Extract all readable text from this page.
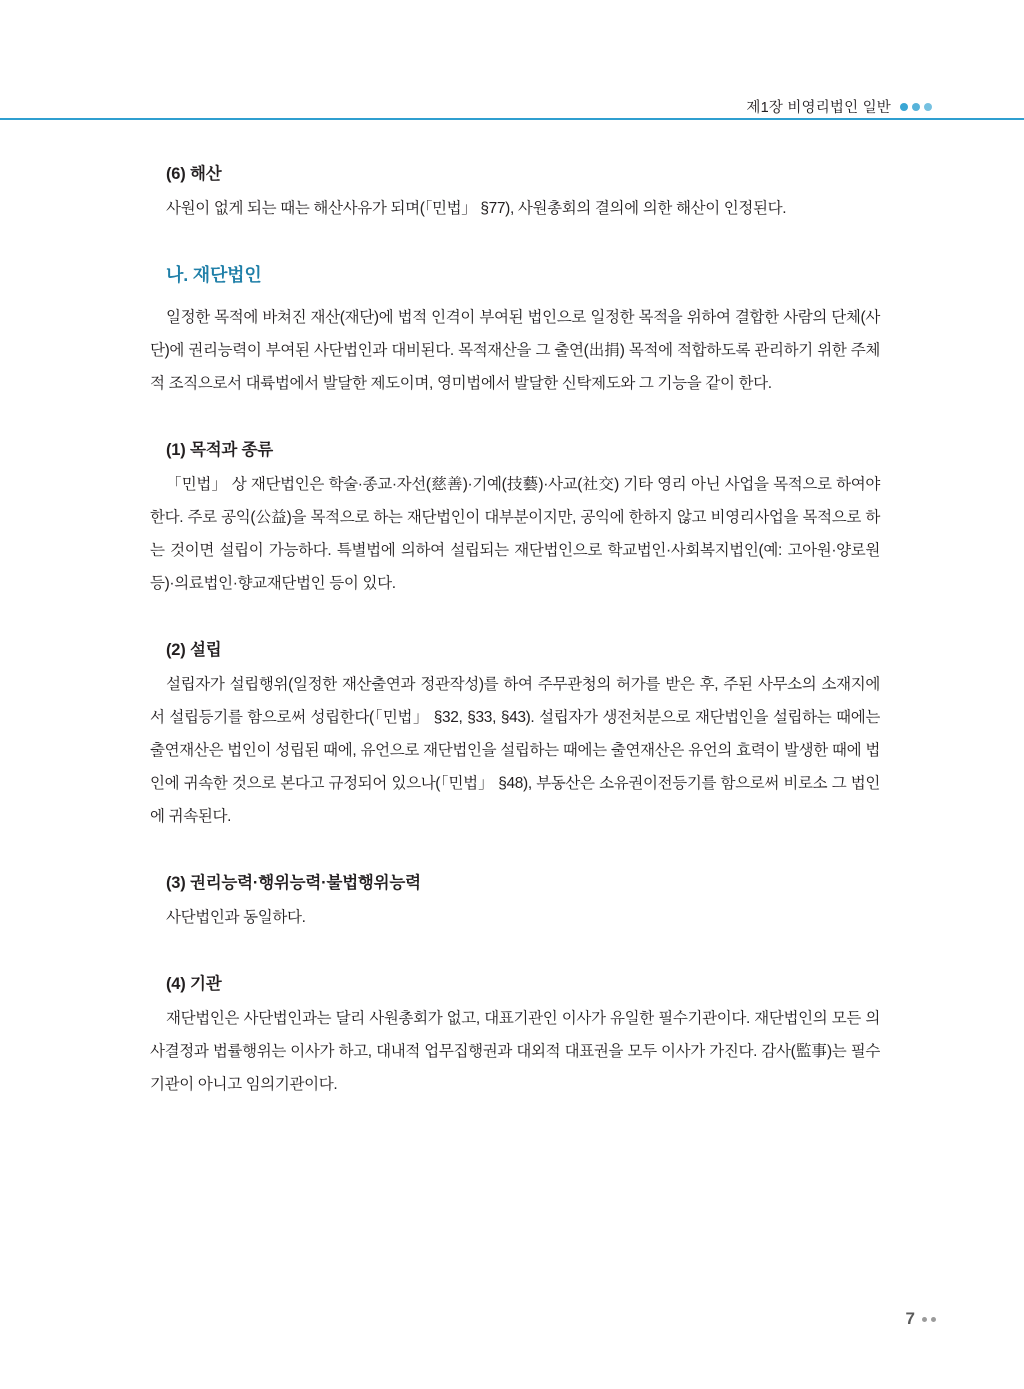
제1장 비영리법인 일반
(6) 해산

사원이 없게 되는 때는 해산사유가 되며(「민법」 §77), 사원총회의 결의에 의한 해산이 인정된다.

나. 재단법인

일정한 목적에 바쳐진 재산(재단)에 법적 인격이 부여된 법인으로 일정한 목적을 위하여 결합한 사람의 단체(사단)에 권리능력이 부여된 사단법인과 대비된다. 목적재산을 그 출연(出捐) 목적에 적합하도록 관리하기 위한 주체적 조직으로서 대륙법에서 발달한 제도이며, 영미법에서 발달한 신탁제도와 그 기능을 같이 한다.

(1) 목적과 종류

「민법」 상 재단법인은 학술·종교·자선(慈善)·기예(技藝)·사교(社交) 기타 영리 아닌 사업을 목적으로 하여야 한다. 주로 공익(公益)을 목적으로 하는 재단법인이 대부분이지만, 공익에 한하지 않고 비영리사업을 목적으로 하는 것이면 설립이 가능하다. 특별법에 의하여 설립되는 재단법인으로 학교법인·사회복지법인(예: 고아원·양로원 등)·의료법인·향교재단법인 등이 있다.

(2) 설립

설립자가 설립행위(일정한 재산출연과 정관작성)를 하여 주무관청의 허가를 받은 후, 주된 사무소의 소재지에서 설립등기를 함으로써 성립한다(「민법」 §32, §33, §43). 설립자가 생전처분으로 재단법인을 설립하는 때에는 출연재산은 법인이 성립된 때에, 유언으로 재단법인을 설립하는 때에는 출연재산은 유언의 효력이 발생한 때에 법인에 귀속한 것으로 본다고 규정되어 있으나(「민법」 §48), 부동산은 소유권이전등기를 함으로써 비로소 그 법인에 귀속된다.

(3) 권리능력·행위능력·불법행위능력

사단법인과 동일하다.

(4) 기관

재단법인은 사단법인과는 달리 사원총회가 없고, 대표기관인 이사가 유일한 필수기관이다. 재단법인의 모든 의사결정과 법률행위는 이사가 하고, 대내적 업무집행권과 대외적 대표권을 모두 이사가 가진다. 감사(監事)는 필수기관이 아니고 임의기관이다.

7
